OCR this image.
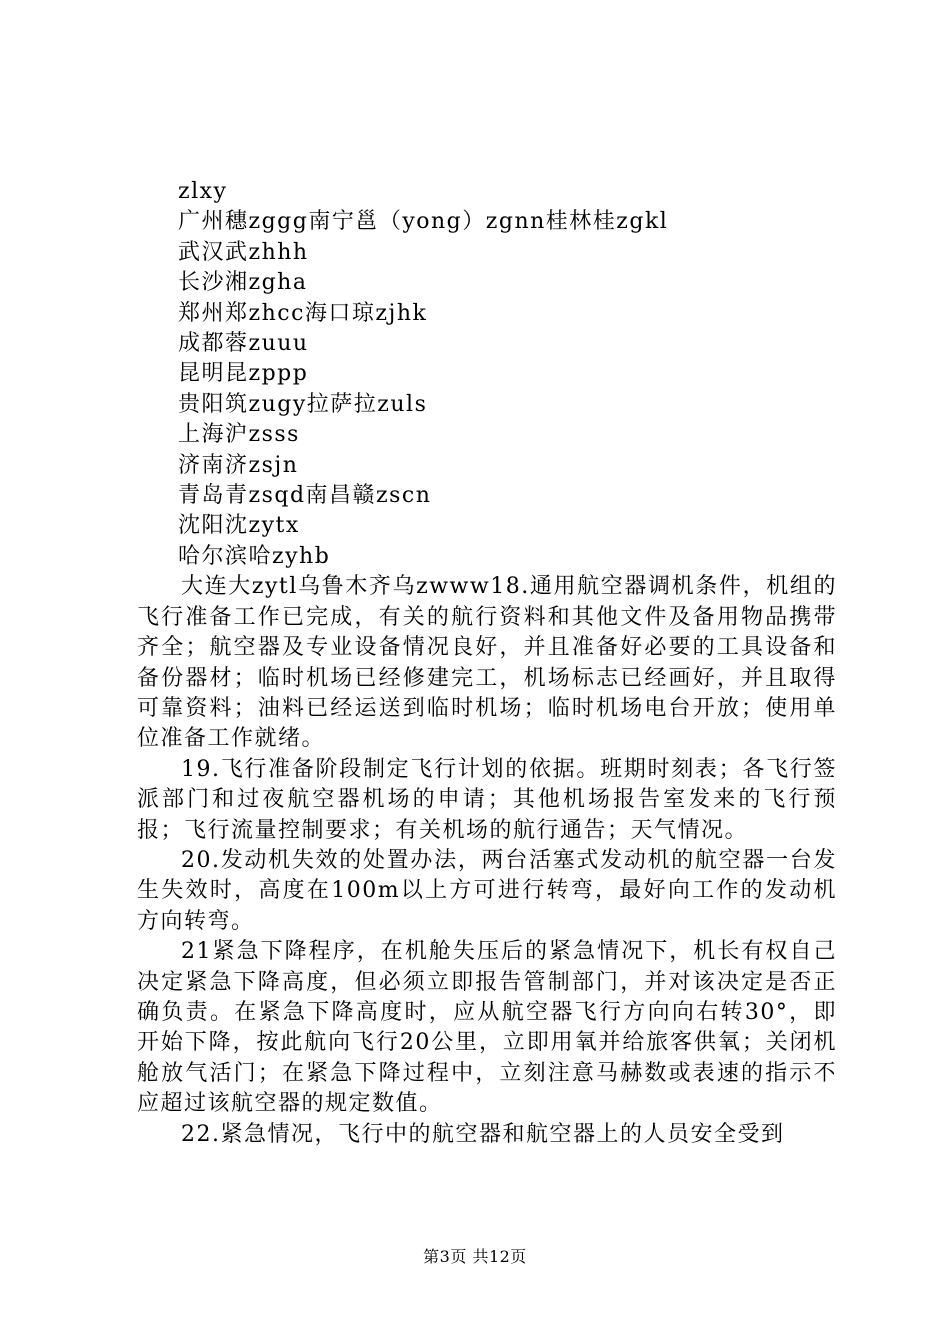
zlxy
广州穗zggg南宁邕（yong）zgnn桂林桂zgkl
武汉武zhhh
长沙湘zgha
郑州郑zhcc海口琼zjhk
成都蓉zuuu
昆明昆zppp
贵阳筑zugy拉萨拉zuls
上海沪zsss
济南济zsjn
青岛青zsqd南昌赣zscn
沈阳沈zytx
哈尔滨哈zyhb

大连大zytl乌鲁木齐乌zwww18.通用航空器调机条件，机组的飞行准备工作已完成，有关的航行资料和其他文件及备用物品携带齐全；航空器及专业设备情况良好，并且准备好必要的工具设备和备份器材；临时机场已经修建完工，机场标志已经画好，并且取得可靠资料；油料已经运送到临时机场；临时机场电台开放；使用单位准备工作就绪。

19.飞行准备阶段制定飞行计划的依据。班期时刻表；各飞行签派部门和过夜航空器机场的申请；其他机场报告室发来的飞行预报；飞行流量控制要求；有关机场的航行通告；天气情况。

20.发动机失效的处置办法，两台活塞式发动机的航空器一台发生失效时，高度在100m以上方可进行转弯，最好向工作的发动机方向转弯。

21紧急下降程序，在机舱失压后的紧急情况下，机长有权自己决定紧急下降高度，但必须立即报告管制部门，并对该决定是否正确负责。在紧急下降高度时，应从航空器飞行方向向右转30°，即开始下降，按此航向飞行20公里，立即用氧并给旅客供氧；关闭机舱放气活门；在紧急下降过程中，立刻注意马赫数或表速的指示不应超过该航空器的规定数值。

22.紧急情况，飞行中的航空器和航空器上的人员安全受到

第3页 共12页
